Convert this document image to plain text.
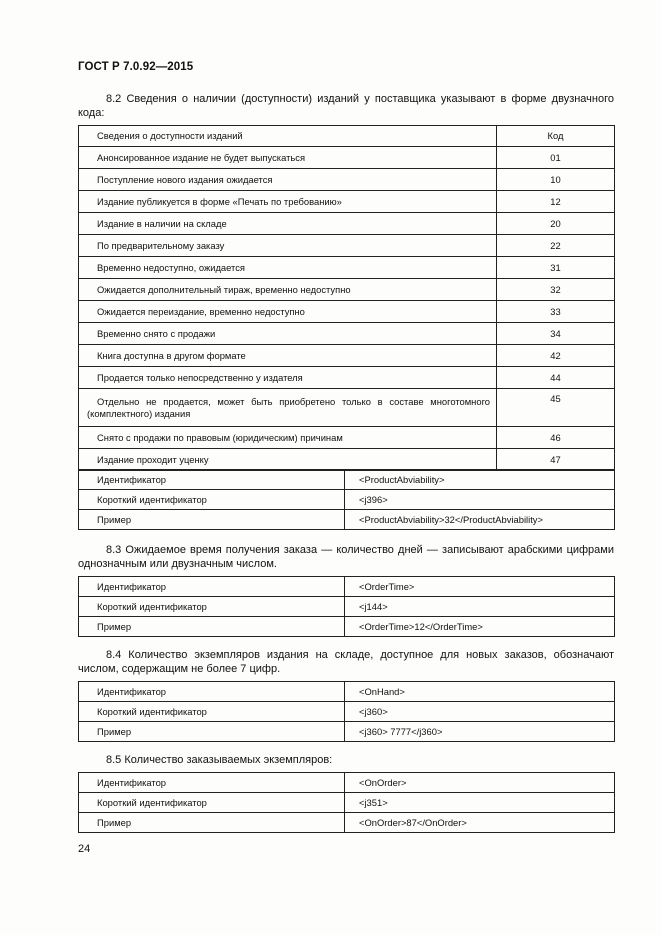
ГОСТ Р 7.0.92—2015
8.2 Сведения о наличии (доступности) изданий у поставщика указывают в форме двузначного кода:
Сведения о доступности изданий	Код
Анонсированное издание не будет выпускаться	01
Поступление нового издания ожидается	10
Издание публикуется в форме «Печать по требованию»	12
Издание в наличии на складе	20
По предварительному заказу	22
Временно недоступно, ожидается	31
Ожидается дополнительный тираж, временно недоступно	32
Ожидается переиздание, временно недоступно	33
Временно снято с продажи	34
Книга доступна в другом формате	42
Продается только непосредственно у издателя	44
Отдельно не продается, может быть приобретено только в составе многотомного (комплектного) издания	45
Снято с продажи по правовым (юридическим) причинам	46
Издание проходит уценку	47
Идентификатор	<ProductAbviability>
Короткий идентификатор	<j396>
Пример	<ProductAbviability>32</ProductAbviability>
8.3 Ожидаемое время получения заказа — количество дней — записывают арабскими цифрами однозначным или двузначным числом.
Идентификатор	<OrderTime>
Короткий идентификатор	<j144>
Пример	<OrderTime>12</OrderTime>
8.4 Количество экземпляров издания на складе, доступное для новых заказов, обозначают числом, содержащим не более 7 цифр.
Идентификатор	<OnHand>
Короткий идентификатор	<j360>
Пример	<j360> 7777</j360>
8.5 Количество заказываемых экземпляров:
Идентификатор	<OnOrder>
Короткий идентификатор	<j351>
Пример	<OnOrder>87</OnOrder>
24
